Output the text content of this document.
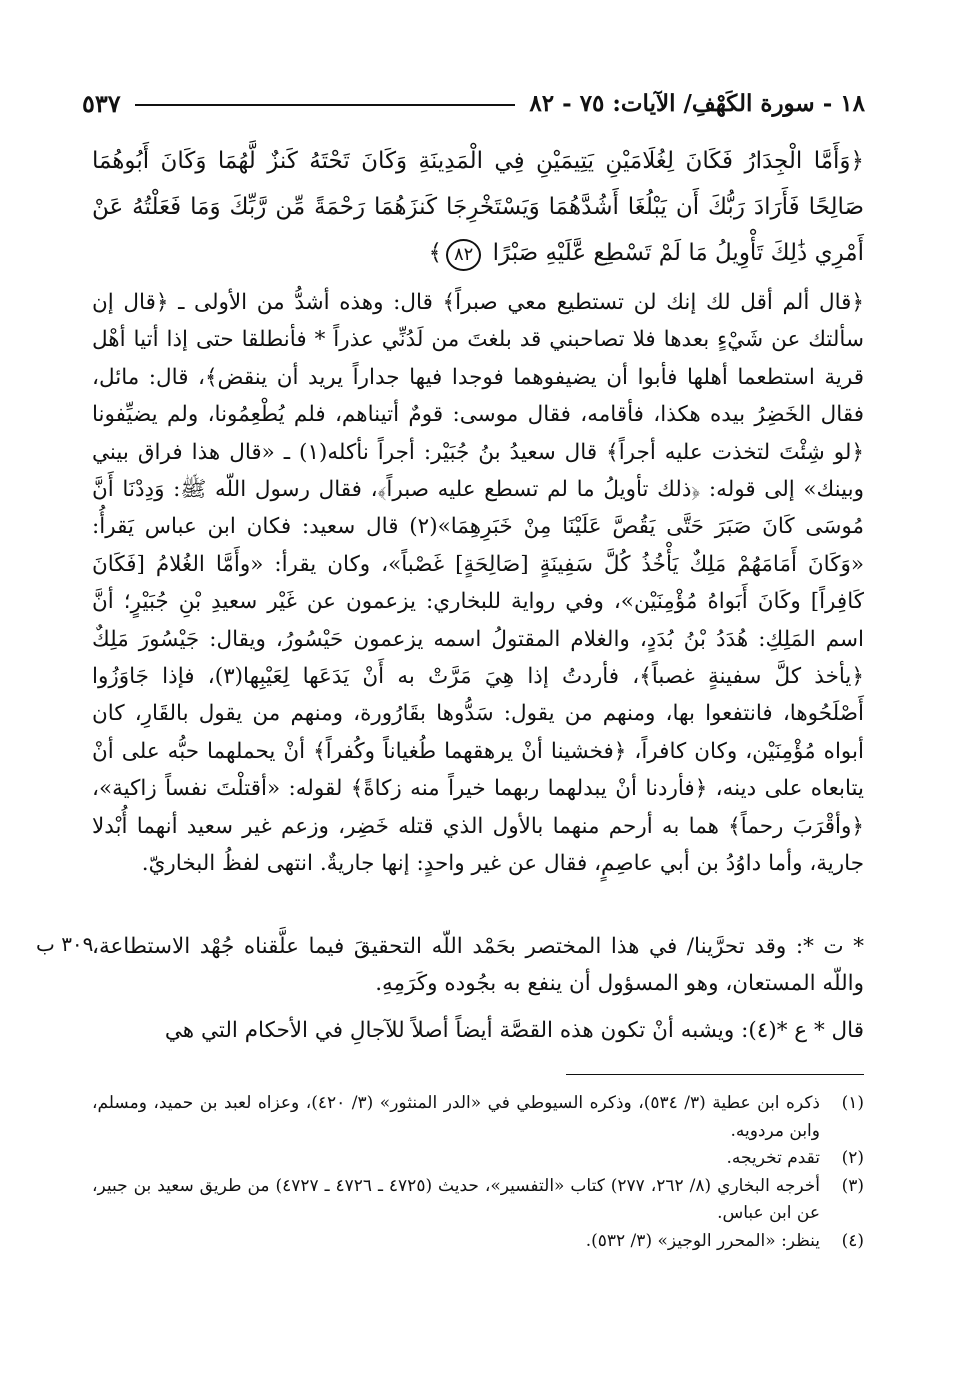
٥٣٧	١٨ - سورة الكَهْفِ/ الآيات: ٧٥ - ٨٢
﴿وَأَمَّا الْجِدَارُ فَكَانَ لِغُلَامَيْنِ يَتِيمَيْنِ فِي الْمَدِينَةِ وَكَانَ تَحْتَهُ كَنزٌ لَّهُمَا وَكَانَ أَبُوهُمَا صَالِحًا فَأَرَادَ رَبُّكَ أَن يَبْلُغَا أَشُدَّهُمَا وَيَسْتَخْرِجَا كَنزَهُمَا رَحْمَةً مِّن رَّبِّكَ وَمَا فَعَلْتُهُ عَنْ أَمْرِي ذَٰلِكَ تَأْوِيلُ مَا لَمْ تَسْطِع عَّلَيْهِ صَبْرًا ٨٢﴾
﴿قال ألم أقل لك إنك لن تستطيع معي صبراً﴾ قال: وهذه أشدُّ من الأولى ـ ﴿قال إن سألتك عن شَيْءٍ بعدها فلا تصاحبني قد بلغتَ من لَدُنِّي عذراً * فأنطلقا حتى إذا أتيا أهْل قرية استطعما أهلها فأبوا أن يضيفوهما فوجدا فيها جداراً يريد أن ينقض﴾، قال: مائل، فقال الخَضِرُ بيده هكذا، فأقامه، فقال موسى: قومٌ أتيناهم، فلم يُطْعِمُونا، ولم يضيِّفونا ﴿لو شِئْتَ لتخذت عليه أجراً﴾ قال سعيدُ بنُ جُبَيْر: أجراً نأكله(١) ـ «قال هذا فراق بيني وبينك» إلى قوله: ﴿ذلك تأويلُ ما لم تسطع عليه صبراً﴾، فقال رسول اللّه ﷺ: وَدِدْنَا أَنَّ مُوسَى كَانَ صَبَرَ حَتَّى يَقُصَّ عَلَيْنَا مِنْ خَبَرِهِمَا»(٢) قال سعيد: فكان ابن عباس يَقرأُ: «وَكَانَ أَمَامَهُمْ مَلِكٌ يَأْخُذُ كُلَّ سَفِينَةٍ [صَالِحَةٍ] غَصْباً»، وكان يقرأ: «وأَمَّا الغُلامُ [فَكَانَ كَافِراً] وكَانَ أَبَواهُ مُؤْمِنَيْن»، وفي رواية للبخاري: يزعمون عن غَيْر سعيدِ بْنِ جُبَيْرٍ؛ أنَّ اسم المَلِكِ: هُدَدُ بْنُ بُدَدٍ، والغلام المقتولُ اسمه يزعمون حَيْسُورُ، ويقال: جَيْسُورَ مَلِكٌ ﴿يأخذ كلَّ سفينةٍ غصباً﴾، فأردتُ إذا هِيَ مَرَّتْ به أَنْ يَدَعَها لِعَيْبِها(٣)، فإذا جَاوَزُوا أَصْلَحُوها، فانتفعوا بها، ومنهم من يقول: سَدُّوها بقَارُورة، ومنهم من يقول بالقَارِ، كان أبواه مُؤْمِنَيْن، وكان كافراً، ﴿فخشينا أنْ يرهقهما طُغياناً وكُفراً﴾ أنْ يحملهما حبُّه على أنْ يتابعاه على دينه، ﴿فأردنا أنْ يبدلهما ربهما خيراً منه زكاةً﴾ لقوله: «أقتلْتَ نفساً زاكية»، ﴿وأقْرَبَ رحماً﴾ هما به أرحم منهما بالأول الذي قتله خَضِر، وزعم غير سعيد أنهما أُبْدلا جارية، وأما داوُدُ بن أبي عاصِمٍ، فقال عن غير واحدٍ: إنها جاريةٌ. انتهى لفظُ البخاريّ.
* ت *: وقد تحرَّينا/ في هذا المختصر بحَمْد اللّه التحقيقَ فيما علَّقناه جُهْد الاستطاعة، واللّه المستعان، وهو المسؤول أن ينفع به بجُوده وكَرَمِهِ.
٣٠٩ ب
قال * ع *(٤): ويشبه أنْ تكون هذه القصَّة أيضاً أصلاً للآجالِ في الأحكام التي هي
(١)
ذكره ابن عطية (٣/ ٥٣٤)، وذكره السيوطي في «الدر المنثور» (٣/ ٤٢٠)، وعزاه لعبد بن حميد، ومسلم، وابن مردويه.
(٢)
تقدم تخريجه.
(٣)
أخرجه البخاري (٨/ ٢٦٢، ٢٧٧) كتاب «التفسير»، حديث (٤٧٢٥ ـ ٤٧٢٦ ـ ٤٧٢٧) من طريق سعيد بن جبير، عن ابن عباس.
(٤)
ينظر: «المحرر الوجيز» (٣/ ٥٣٢).
